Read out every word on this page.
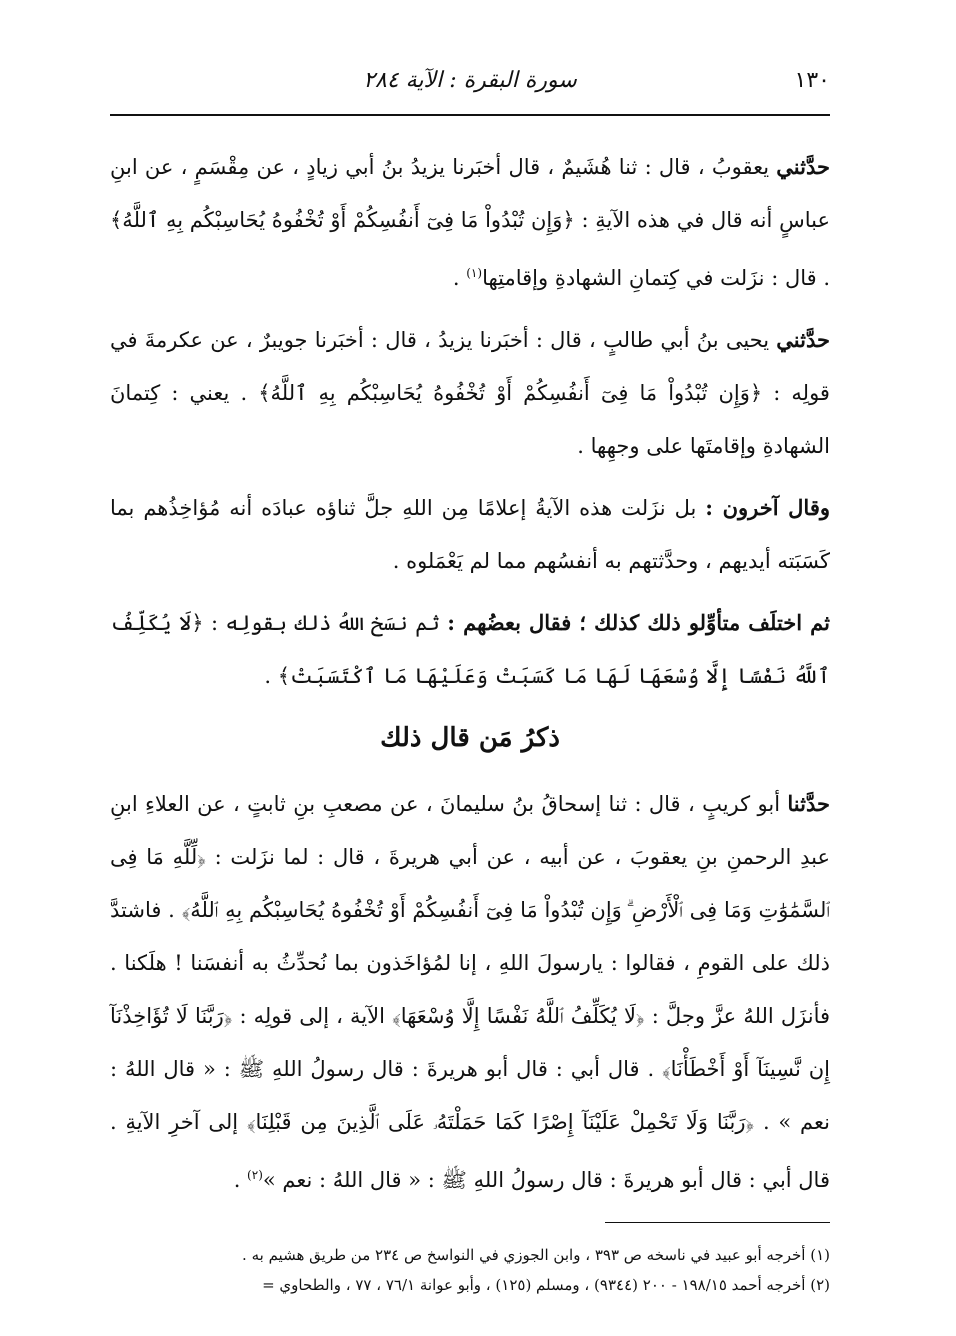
١٣٠
سورة البقرة : الآية ٢٨٤

حدَّثني يعقوبُ ، قال : ثنا هُشَيمٌ ، قال أخبَرنا يزيدُ بنُ أبي زيادٍ ، عن مِقْسَمٍ ، عن ابنِ عباسٍ أنه قال في هذه الآيةِ : ﴿وَإِن تُبْدُواْ مَا فِىٓ أَنفُسِكُمْ أَوْ تُخْفُوهُ يُحَاسِبْكُم بِهِ ٱللَّهُ﴾ . قال : نزَلت في كِتمانِ الشهادةِ وإقامتِها$^{(١)}$ .

حدَّثني يحيى بنُ أبي طالبٍ ، قال : أخبَرنا يزيدُ ، قال : أخبَرنا جويبرٌ ، عن عكرمةَ في قولِه : ﴿وَإِن تُبْدُواْ مَا فِىٓ أَنفُسِكُمْ أَوْ تُخْفُوهُ يُحَاسِبْكُم بِهِ ٱللَّهُ﴾ . يعني : كِتمانَ الشهادةِ وإقامتَها على وجهِها .

وقال آخرون : بل نزَلت هذه الآيةُ إعلامًا مِن اللهِ جلَّ ثناؤه عبادَه أنه مُؤاخِذُهم بما كَسَبَته أيديهم ، وحدَّثتهم به أنفسُهم مما لم يَعْمَلوه .

ثم اختلَف متأوِّلو ذلك كذلك ؛ فقال بعضُهم : ثم نسَخ اللهُ ذلك بقولِه : ﴿لَا يُكَلِّفُ ٱللَّهُ نَفْسًا إِلَّا وُسْعَهَا لَهَا مَا كَسَبَتْ وَعَلَيْهَا مَا ٱكْتَسَبَتْ﴾ .

ذكرُ مَن قال ذلك

حدَّثنا أبو كريبٍ ، قال : ثنا إسحاقُ بنُ سليمانَ ، عن مصعبِ بنِ ثابتٍ ، عن العلاءِ ابنِ عبدِ الرحمنِ بنِ يعقوبَ ، عن أبيه ، عن أبي هريرةَ ، قال : لما نزَلت : ﴿لِّلَّهِ مَا فِى ٱلسَّمَٰوَٰتِ وَمَا فِى ٱلْأَرْضِ ۗ وَإِن تُبْدُواْ مَا فِىٓ أَنفُسِكُمْ أَوْ تُخْفُوهُ يُحَاسِبْكُم بِهِ ٱللَّهُ﴾ . فاشتدَّ ذلك على القومِ ، فقالوا : يارسولَ اللهِ ، إنا لمُؤاخَذون بما نُحدِّثُ به أنفسَنا ! هلَكنا . فأنزَل اللهُ عزَّ وجلَّ : ﴿لَا يُكَلِّفُ ٱللَّهُ نَفْسًا إِلَّا وُسْعَهَا﴾ الآية ، إلى قولِه : ﴿رَبَّنَا لَا تُؤَاخِذْنَآ إِن نَّسِينَآ أَوْ أَخْطَأْنَا﴾ . قال أبي : قال أبو هريرةَ : قال رسولُ اللهِ ﷺ : « قال اللهُ : نعم » . ﴿رَبَّنَا وَلَا تَحْمِلْ عَلَيْنَآ إِصْرًا كَمَا حَمَلْتَهُۥ عَلَى ٱلَّذِينَ مِن قَبْلِنَا﴾ إلى آخرِ الآيةِ . قال أبي : قال أبو هريرةَ : قال رسولُ اللهِ ﷺ : « قال اللهُ : نعم »$^{(٢)}$ .

(١) أخرجه أبو عبيد في ناسخه ص ٣٩٣ ، وابن الجوزي في النواسخ ص ٢٣٤ من طريق هشيم به .

(٢) أخرجه أحمد ١٩٨/١٥ - ٢٠٠ (٩٣٤٤) ، ومسلم (١٢٥) ، وأبو عوانة ٧٦/١ ، ٧٧ ، والطحاوي =
